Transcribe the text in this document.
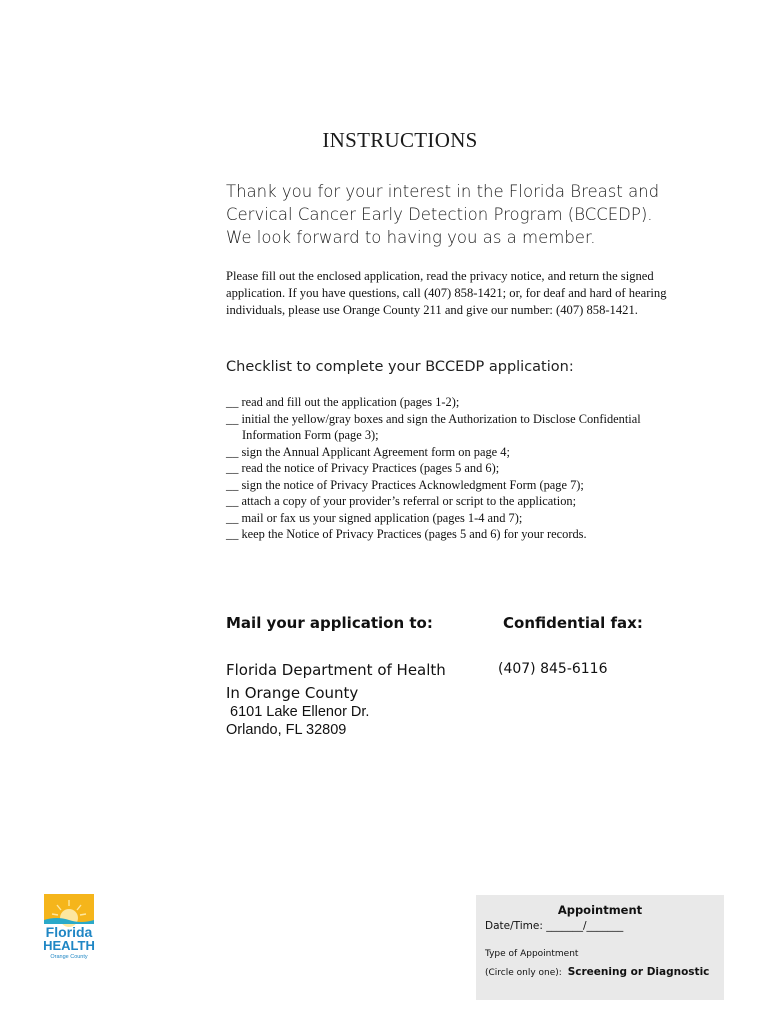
INSTRUCTIONS
Thank you for your interest in the Florida Breast and
Cervical Cancer Early Detection Program (BCCEDP).
We look forward to having you as a member.
Please fill out the enclosed application, read the privacy notice, and return the signed
application. If you have questions, call (407) 858-1421; or, for deaf and hard of hearing
individuals, please use Orange County 211 and give our number: (407) 858-1421.
Checklist to complete your BCCEDP application:
__ read and fill out the application (pages 1-2);
__ initial the yellow/gray boxes and sign the Authorization to Disclose Confidential
Information Form (page 3);
__ sign the Annual Applicant Agreement form on page 4;
__ read the notice of Privacy Practices (pages 5 and 6);
__ sign the notice of Privacy Practices Acknowledgment Form (page 7);
__ attach a copy of your provider’s referral or script to the application;
__ mail or fax us your signed application (pages 1-4 and 7);
__ keep the Notice of Privacy Practices (pages 5 and 6) for your records.
Mail your application to:	Confidential fax:
Florida Department of Health
In Orange County
(407) 845-6116
6101 Lake Ellenor Dr.
Orlando, FL 32809
Florida
HEALTH
Orange County
Appointment
Date/Time: _______/_______
Type of Appointment
(Circle only one): Screening or Diagnostic
